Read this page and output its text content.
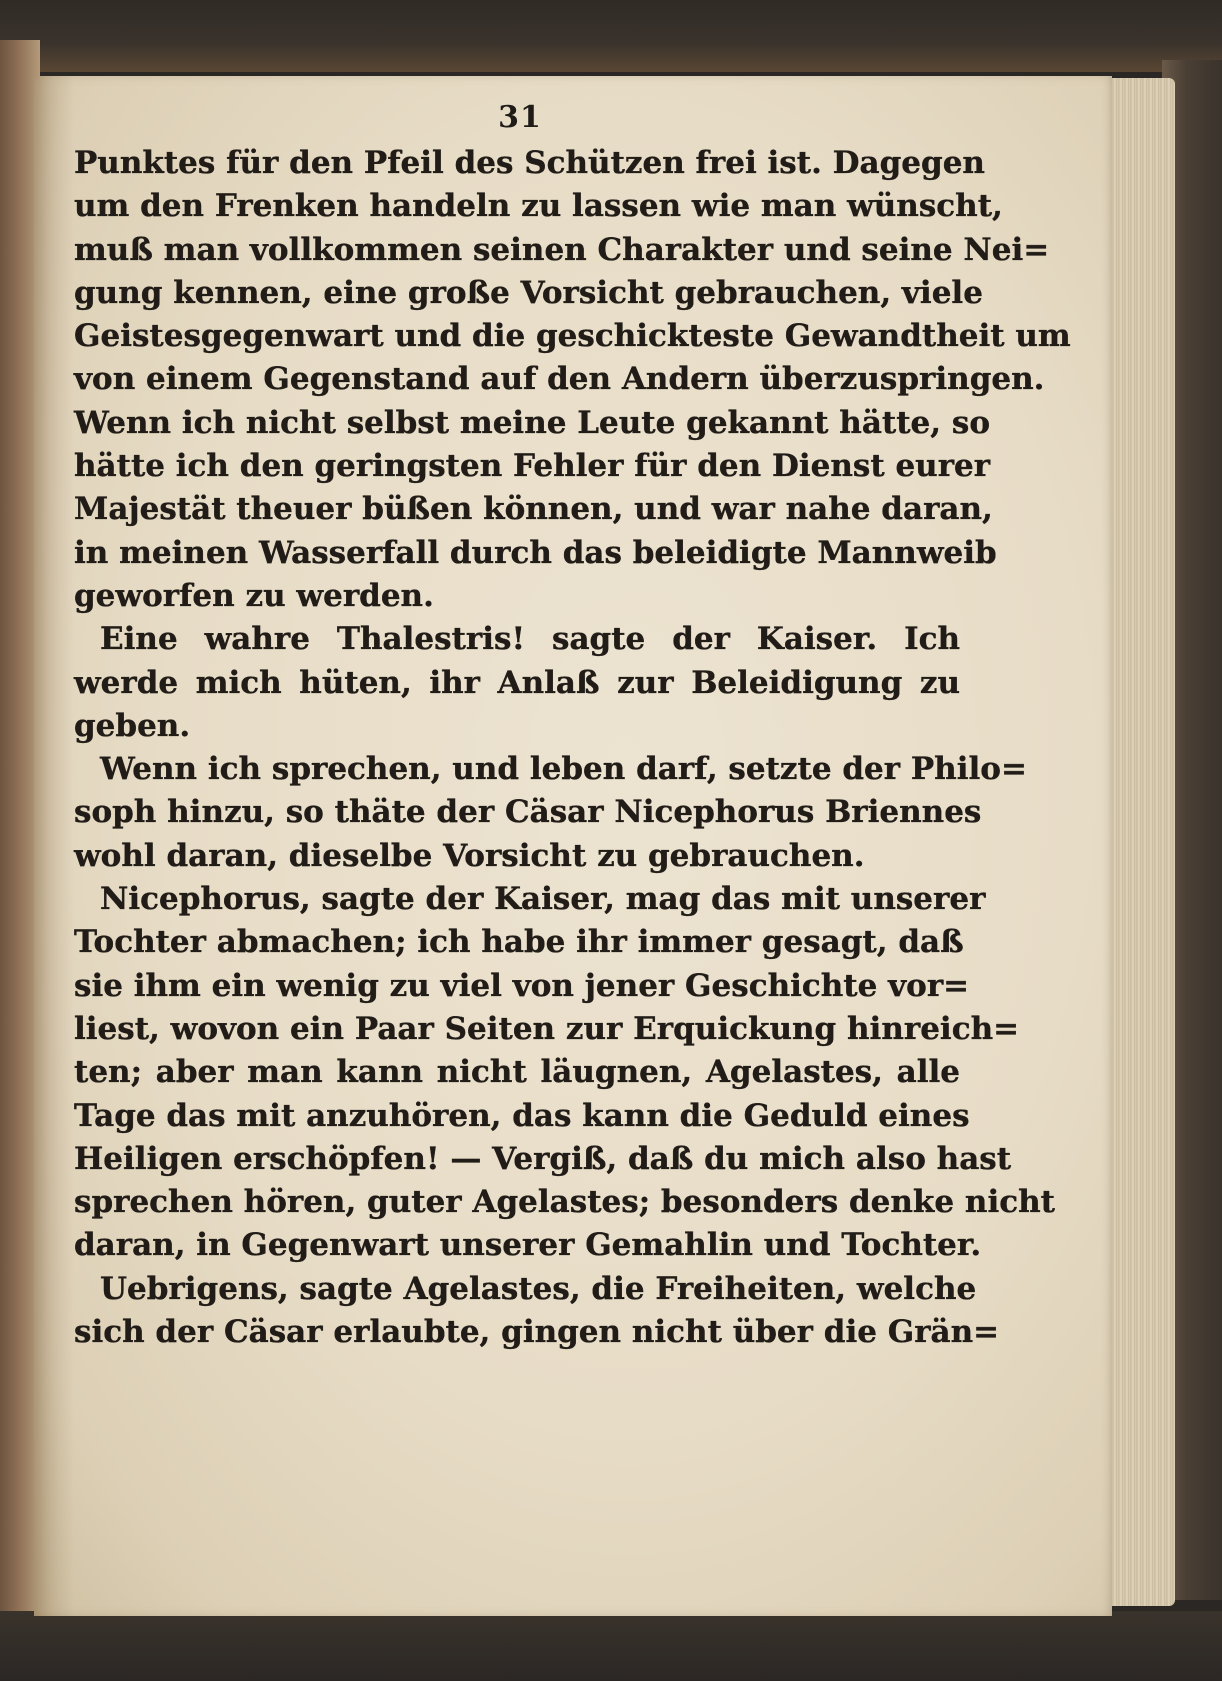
31
Punktes für den Pfeil des Schützen frei ist. Dagegen
um den Frenken handeln zu lassen wie man wünscht,
muß man vollkommen seinen Charakter und seine Nei=
gung kennen, eine große Vorsicht gebrauchen, viele
Geistesgegenwart und die geschickteste Gewandtheit um
von einem Gegenstand auf den Andern überzuspringen.
Wenn ich nicht selbst meine Leute gekannt hätte, so
hätte ich den geringsten Fehler für den Dienst eurer
Majestät theuer büßen können, und war nahe daran,
in meinen Wasserfall durch das beleidigte Mannweib
geworfen zu werden.
Eine wahre Thalestris! sagte der Kaiser. Ich
werde mich hüten, ihr Anlaß zur Beleidigung zu
geben.
Wenn ich sprechen, und leben darf, setzte der Philo=
soph hinzu, so thäte der Cäsar Nicephorus Briennes
wohl daran, dieselbe Vorsicht zu gebrauchen.
Nicephorus, sagte der Kaiser, mag das mit unserer
Tochter abmachen; ich habe ihr immer gesagt, daß
sie ihm ein wenig zu viel von jener Geschichte vor=
liest, wovon ein Paar Seiten zur Erquickung hinreich=
ten; aber man kann nicht läugnen, Agelastes, alle
Tage das mit anzuhören, das kann die Geduld eines
Heiligen erschöpfen! — Vergiß, daß du mich also hast
sprechen hören, guter Agelastes; besonders denke nicht
daran, in Gegenwart unserer Gemahlin und Tochter.
Uebrigens, sagte Agelastes, die Freiheiten, welche
sich der Cäsar erlaubte, gingen nicht über die Grän=
